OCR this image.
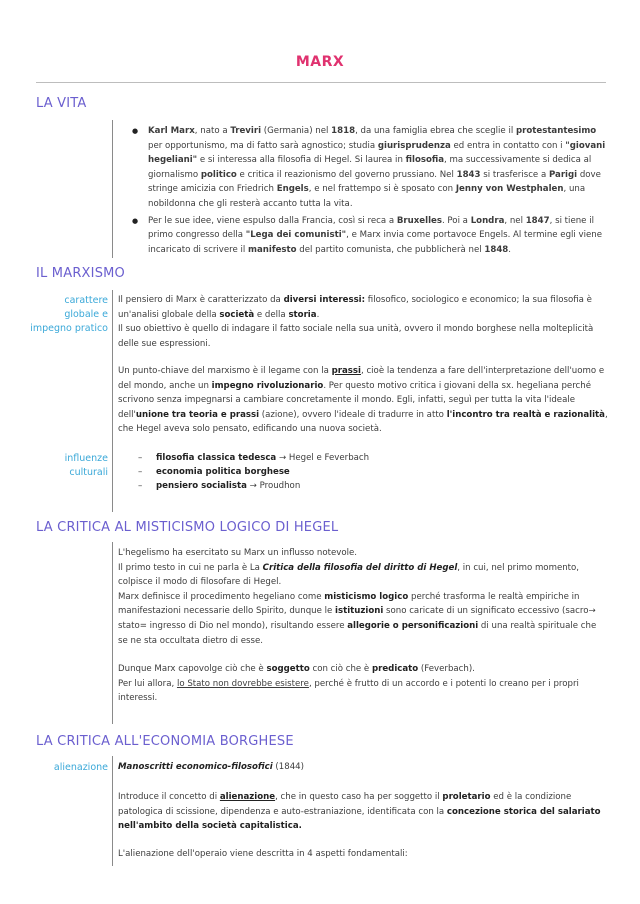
MARX
LA VITA
● Karl Marx, nato a Treviri (Germania) nel 1818, da una famiglia ebrea che sceglie il protestantesimo per opportunismo, ma di fatto sarà agnostico; studia giurisprudenza ed entra in contatto con i "giovani hegeliani" e si interessa alla filosofia di Hegel. Si laurea in filosofia, ma successivamente si dedica al giornalismo politico e critica il reazionismo del governo prussiano. Nel 1843 si trasferisce a Parigi dove stringe amicizia con Friedrich Engels, e nel frattempo si è sposato con Jenny von Westphalen, una nobildonna che gli resterà accanto tutta la vita.
● Per le sue idee, viene espulso dalla Francia, così si reca a Bruxelles. Poi a Londra, nel 1847, si tiene il primo congresso della "Lega dei comunisti", e Marx invia come portavoce Engels. Al termine egli viene incaricato di scrivere il manifesto del partito comunista, che pubblicherà nel 1848.
IL MARXISMO
carattere globale e impegno pratico

Il pensiero di Marx è caratterizzato da diversi interessi: filosofico, sociologico e economico; la sua filosofia è un'analisi globale della società e della storia.
Il suo obiettivo è quello di indagare il fatto sociale nella sua unità, ovvero il mondo borghese nella molteplicità delle sue espressioni.

Un punto-chiave del marxismo è il legame con la prassi, cioè la tendenza a fare dell'interpretazione dell'uomo e del mondo, anche un impegno rivoluzionario. Per questo motivo critica i giovani della sx. hegeliana perché scrivono senza impegnarsi a cambiare concretamente il mondo. Egli, infatti, seguì per tutta la vita l'ideale dell'unione tra teoria e prassi (azione), ovvero l'ideale di tradurre in atto l'incontro tra realtà e razionalità, che Hegel aveva solo pensato, edificando una nuova società.

influenze culturali
– filosofia classica tedesca → Hegel e Feverbach
– economia politica borghese
– pensiero socialista → Proudhon
LA CRITICA AL MISTICISMO LOGICO DI HEGEL

L'hegelismo ha esercitato su Marx un influsso notevole.
Il primo testo in cui ne parla è La Critica della filosofia del diritto di Hegel, in cui, nel primo momento, colpisce il modo di filosofare di Hegel.
Marx definisce il procedimento hegeliano come misticismo logico perché trasforma le realtà empiriche in manifestazioni necessarie dello Spirito, dunque le istituzioni sono caricate di un significato eccessivo (sacro→ stato= ingresso di Dio nel mondo), risultando essere allegorie o personificazioni di una realtà spirituale che se ne sta occultata dietro di esse.

Dunque Marx capovolge ciò che è soggetto con ciò che è predicato (Feverbach).
Per lui allora, lo Stato non dovrebbe esistere, perché è frutto di un accordo e i potenti lo creano per i propri interessi.

LA CRITICA ALL'ECONOMIA BORGHESE
alienazione Manoscritti economico-filosofici (1844)

Introduce il concetto di alienazione, che in questo caso ha per soggetto il proletario ed è la condizione patologica di scissione, dipendenza e auto-estraniazione, identificata con la concezione storica del salariato nell'ambito della società capitalistica.

L'alienazione dell'operaio viene descritta in 4 aspetti fondamentali:
